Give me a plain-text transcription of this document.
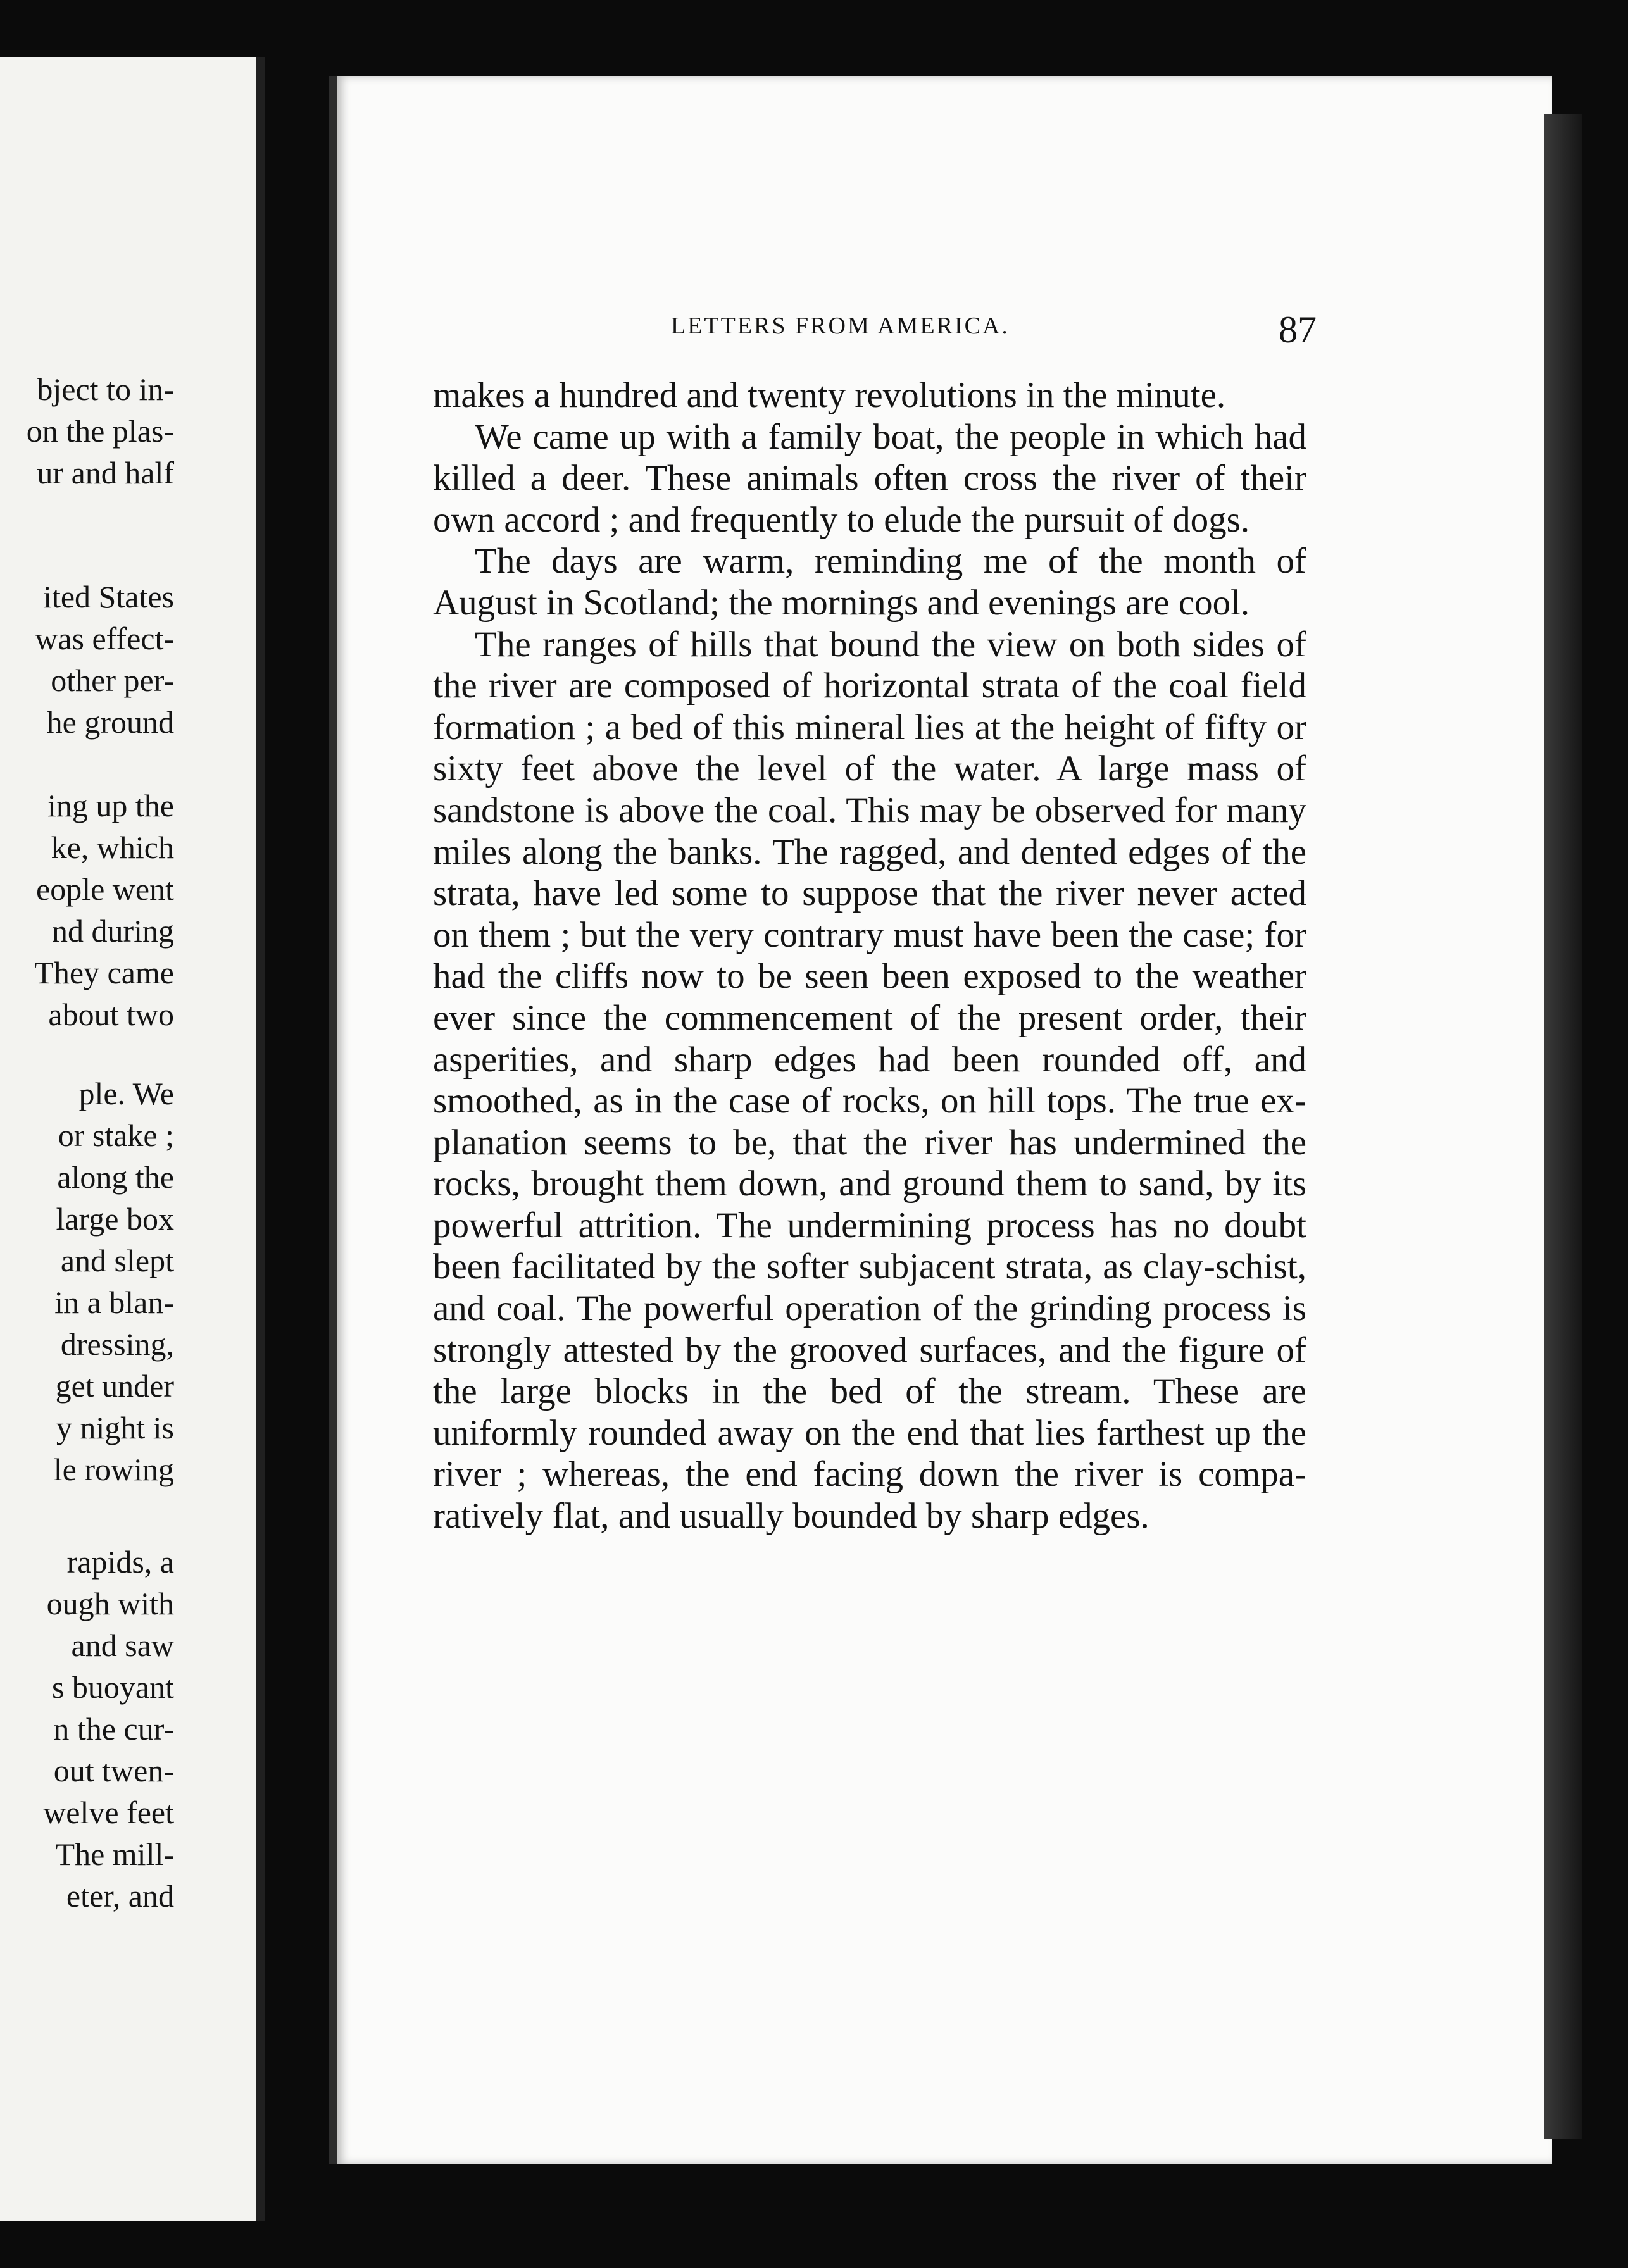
bject to in-
on the plas-
ur and half
ited States
was effect-
other per-
he ground
ing up the
ke, which
eople went
nd during
They came
about two
ple. We
or stake ;
along the
large box
and slept
in a blan-
dressing,
get under
y night is
le rowing
rapids, a
ough with
and saw
s buoyant
n the cur-
out twen-
welve feet
The mill-
eter, and
LETTERS FROM AMERICA.	87

makes a hundred and twenty revolutions in the minute.

We came up with a family boat, the people in which had killed a deer. These animals often cross the river of their own accord ; and frequently to elude the pursuit of dogs.

The days are warm, reminding me of the month of August in Scotland; the mornings and evenings are cool.

The ranges of hills that bound the view on both sides of the river are composed of horizontal strata of the coal field formation ; a bed of this mineral lies at the height of fifty or sixty feet above the level of the water. A large mass of sandstone is above the coal. This may be observed for many miles along the banks. The ragged, and dented edges of the strata, have led some to suppose that the river never acted on them ; but the very contrary must have been the case; for had the cliffs now to be seen been exposed to the weather ever since the commencement of the present order, their asperities, and sharp edges had been rounded off, and smoothed, as in the case of rocks, on hill tops. The true explanation seems to be, that the river has undermined the rocks, brought them down, and ground them to sand, by its powerful attrition. The undermining process has no doubt been facilitated by the softer subjacent strata, as clay-schist, and coal. The powerful operation of the grinding process is strongly attested by the grooved surfaces, and the figure of the large blocks in the bed of the stream. These are uniformly rounded away on the end that lies farthest up the river ; whereas, the end facing down the river is comparatively flat, and usually bounded by sharp edges.
